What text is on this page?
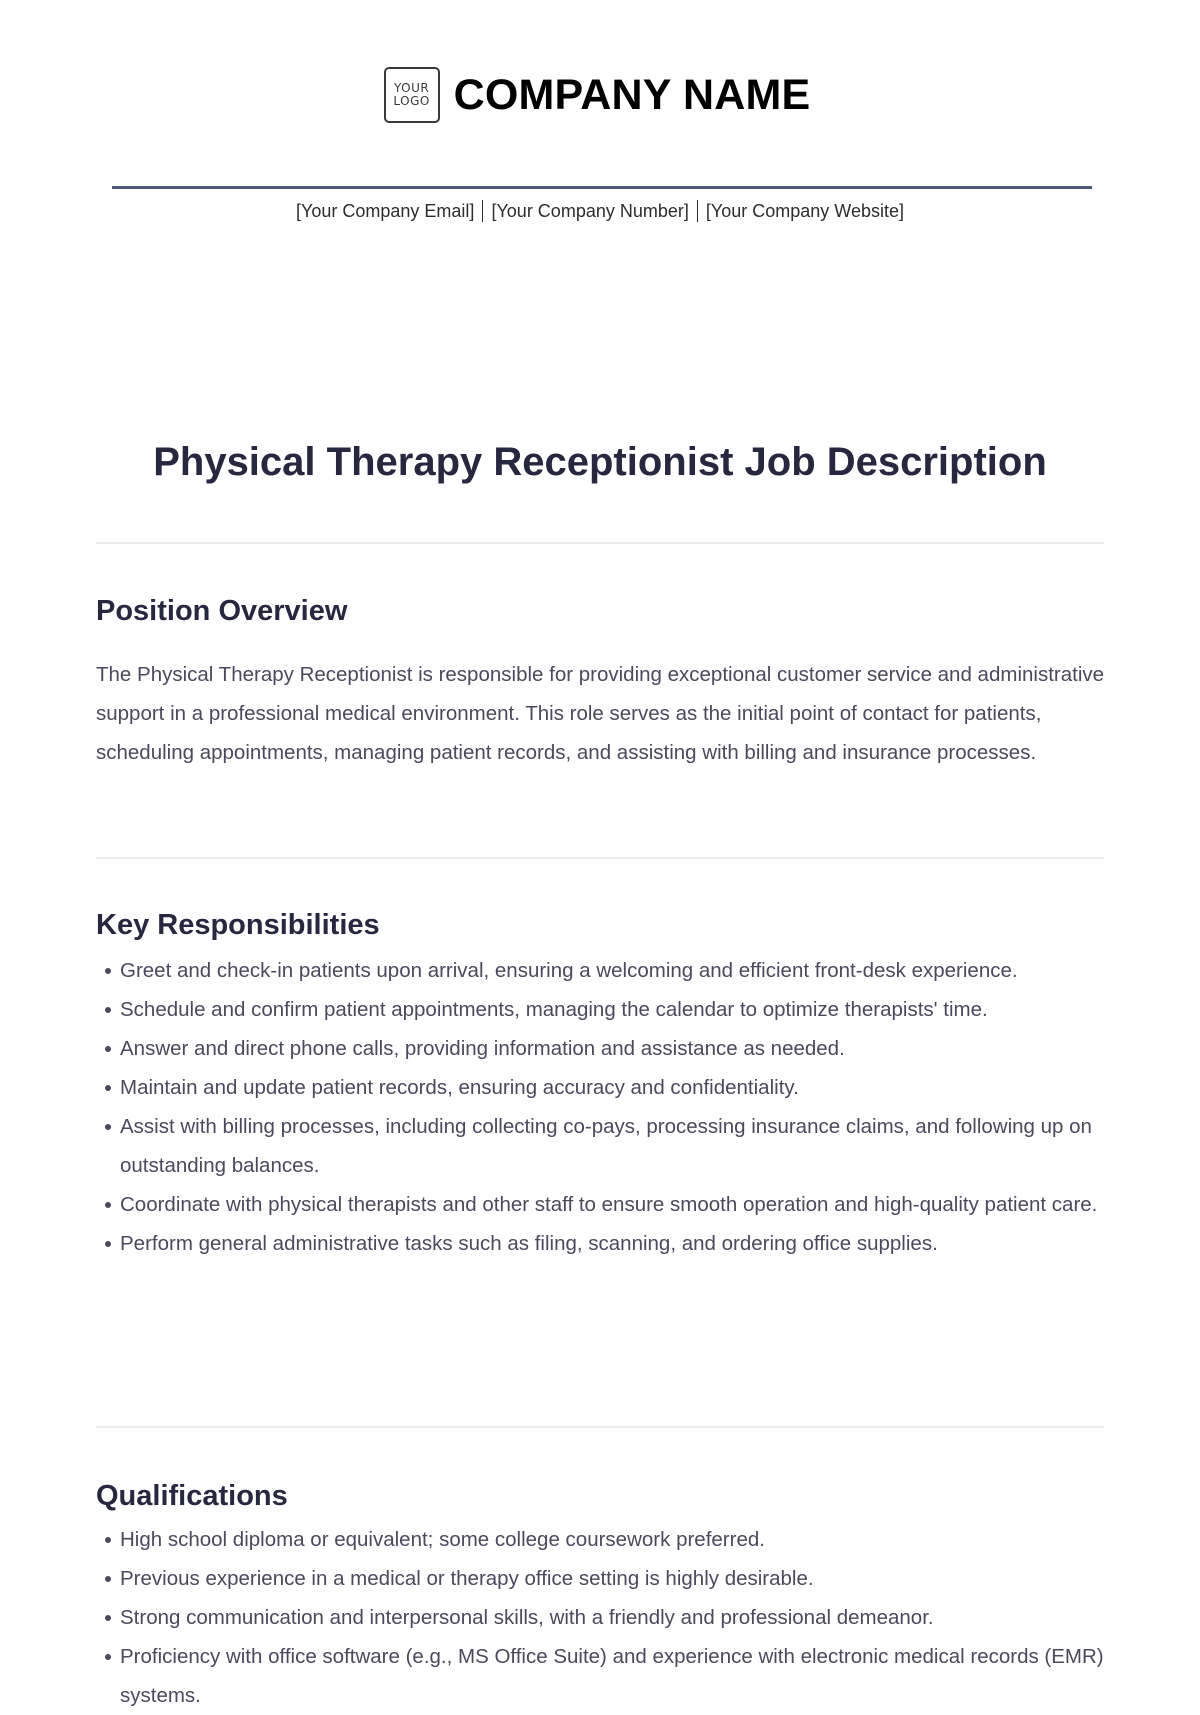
YOUR
LOGO COMPANY NAME
[Your Company Email] [Your Company Number] [Your Company Website]
Physical Therapy Receptionist Job Description
Position Overview

The Physical Therapy Receptionist is responsible for providing exceptional customer service and administrative support in a professional medical environment. This role serves as the initial point of contact for patients, scheduling appointments, managing patient records, and assisting with billing and insurance processes.

Key Responsibilities
Greet and check-in patients upon arrival, ensuring a welcoming and efficient front-desk experience.
Schedule and confirm patient appointments, managing the calendar to optimize therapists' time.
Answer and direct phone calls, providing information and assistance as needed.
Maintain and update patient records, ensuring accuracy and confidentiality.
Assist with billing processes, including collecting co-pays, processing insurance claims, and following up on outstanding balances.
Coordinate with physical therapists and other staff to ensure smooth operation and high-quality patient care.
Perform general administrative tasks such as filing, scanning, and ordering office supplies.
Qualifications
High school diploma or equivalent; some college coursework preferred.
Previous experience in a medical or therapy office setting is highly desirable.
Strong communication and interpersonal skills, with a friendly and professional demeanor.
Proficiency with office software (e.g., MS Office Suite) and experience with electronic medical records (EMR) systems.
